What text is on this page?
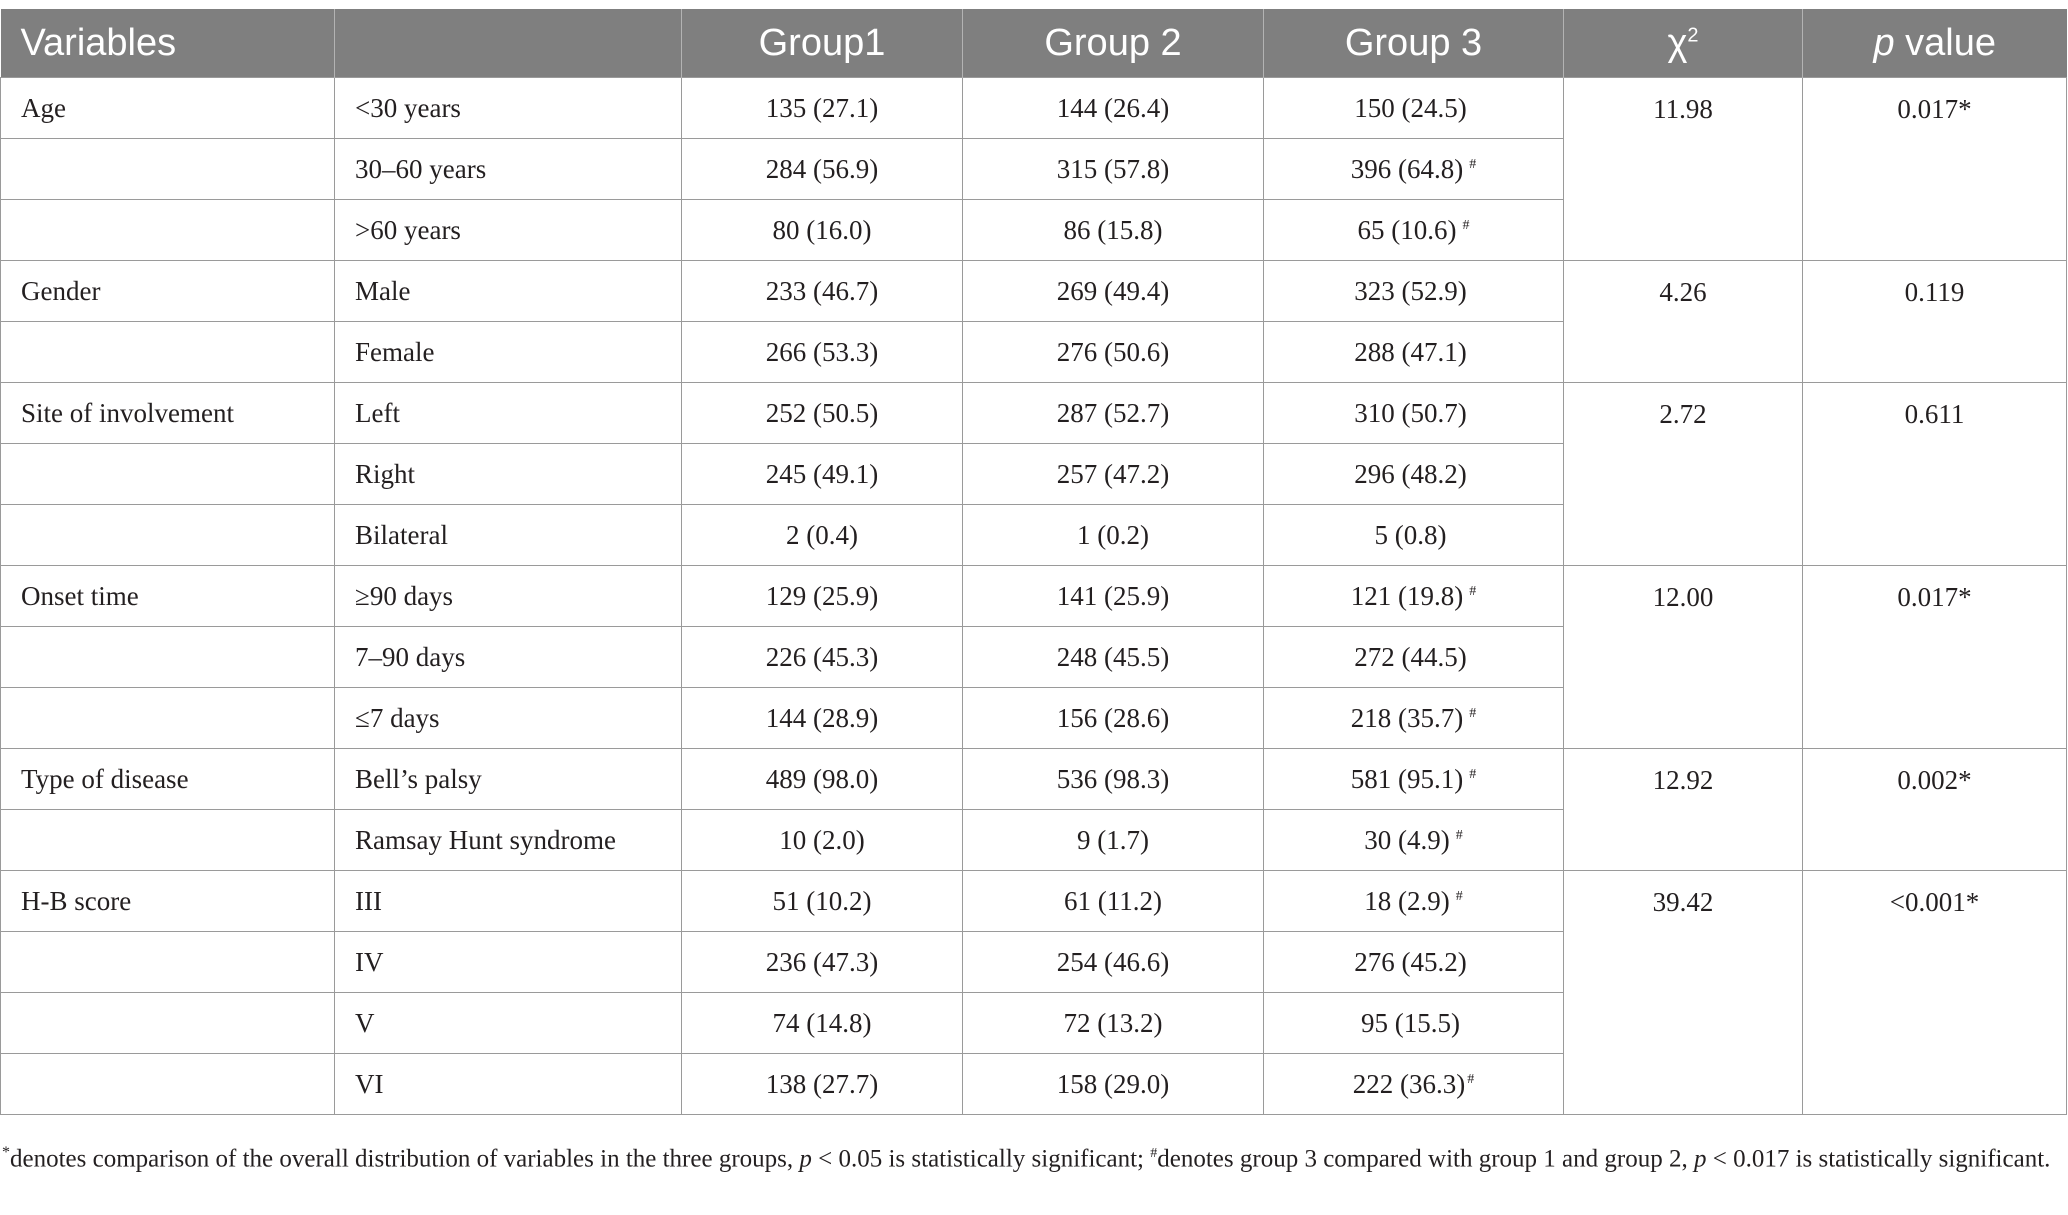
Variables		Group1	Group 2	Group 3	$\chi^2$	p value
Age	<30 years	135 (27.1)	144 (26.4)	150 (24.5)	11.98	0.017*
	30–60 years	284 (56.9)	315 (57.8)	396 (64.8) #
	>60 years	80 (16.0)	86 (15.8)	65 (10.6) #
Gender	Male	233 (46.7)	269 (49.4)	323 (52.9)	4.26	0.119
	Female	266 (53.3)	276 (50.6)	288 (47.1)		
Site of involvement	Left	252 (50.5)	287 (52.7)	310 (50.7)	2.72	0.611
	Right	245 (49.1)	257 (47.2)	296 (48.2)		
	Bilateral	2 (0.4)	1 (0.2)	5 (0.8)		
Onset time	≥90 days	129 (25.9)	141 (25.9)	121 (19.8) #	12.00	0.017*
	7–90 days	226 (45.3)	248 (45.5)	272 (44.5)		
	≤7 days	144 (28.9)	156 (28.6)	218 (35.7) #
Type of disease	Bell’s palsy	489 (98.0)	536 (98.3)	581 (95.1) #	12.92	0.002*
	Ramsay Hunt syndrome	10 (2.0)	9 (1.7)	30 (4.9) #
H-B score	III	51 (10.2)	61 (11.2)	18 (2.9) #	39.42	<0.001*
	IV	236 (47.3)	254 (46.6)	276 (45.2)		
	V	74 (14.8)	72 (13.2)	95 (15.5)		
	VI	138 (27.7)	158 (29.0)	222 (36.3) #
*denotes comparison of the overall distribution of variables in the three groups, p < 0.05 is statistically significant; #denotes group 3 compared with group 1 and group 2, p < 0.017 is statistically significant.
